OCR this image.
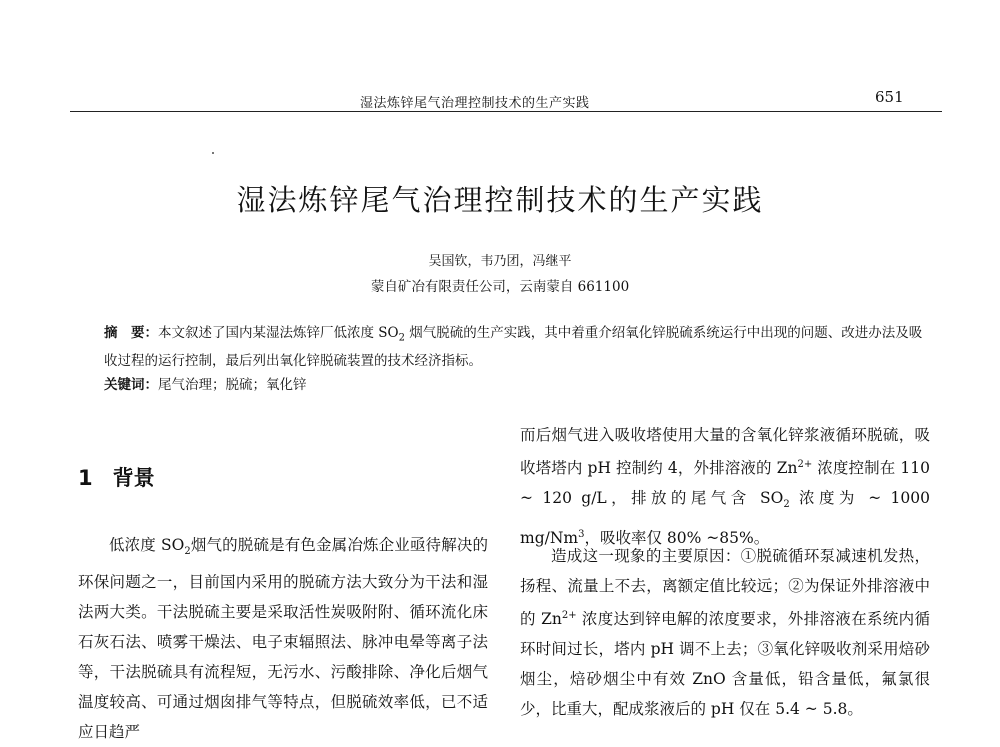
湿法炼锌尾气治理控制技术的生产实践	651
湿法炼锌尾气治理控制技术的生产实践
吴国钦，韦乃团，冯继平
蒙自矿冶有限责任公司，云南蒙自 661100
摘　要：本文叙述了国内某湿法炼锌厂低浓度 $SO_2$ 烟气脱硫的生产实践，其中着重介绍氧化锌脱硫系统运行中出现的问题、改进办法及吸收过程的运行控制，最后列出氧化锌脱硫装置的技术经济指标。
关键词：尾气治理；脱硫；氧化锌
1 背景
低浓度 $SO_2$烟气的脱硫是有色金属冶炼企业亟待解决的环保问题之一，目前国内采用的脱硫方法大致分为干法和湿法两大类。干法脱硫主要是采取活性炭吸附附、循环流化床石灰石法、喷雾干燥法、电子束辐照法、脉冲电晕等离子法等，干法脱硫具有流程短，无污水、污酸排除、净化后烟气温度较高、可通过烟囱排气等特点，但脱硫效率低，已不适应日趋严
而后烟气进入吸收塔使用大量的含氧化锌浆液循环脱硫，吸收塔塔内 pH 控制约 4，外排溶液的 $Zn^{2+}$ 浓度控制在 110 ~ 120 g/L，排放的尾气含 $SO_2$ 浓度为 ~ 1000 mg/Nm$^3$，吸收率仅 80% ~85%。
造成这一现象的主要原因：①脱硫循环泵减速机发热，扬程、流量上不去，离额定值比较远；②为保证外排溶液中的 $Zn^{2+}$ 浓度达到锌电解的浓度要求，外排溶液在系统内循环时间过长，塔内 pH 调不上去；③氧化锌吸收剂采用焙砂烟尘，焙砂烟尘中有效 ZnO 含量低，铅含量低，氟氯很少，比重大，配成浆液后的 pH 仅在 5.4 ~ 5.8。
